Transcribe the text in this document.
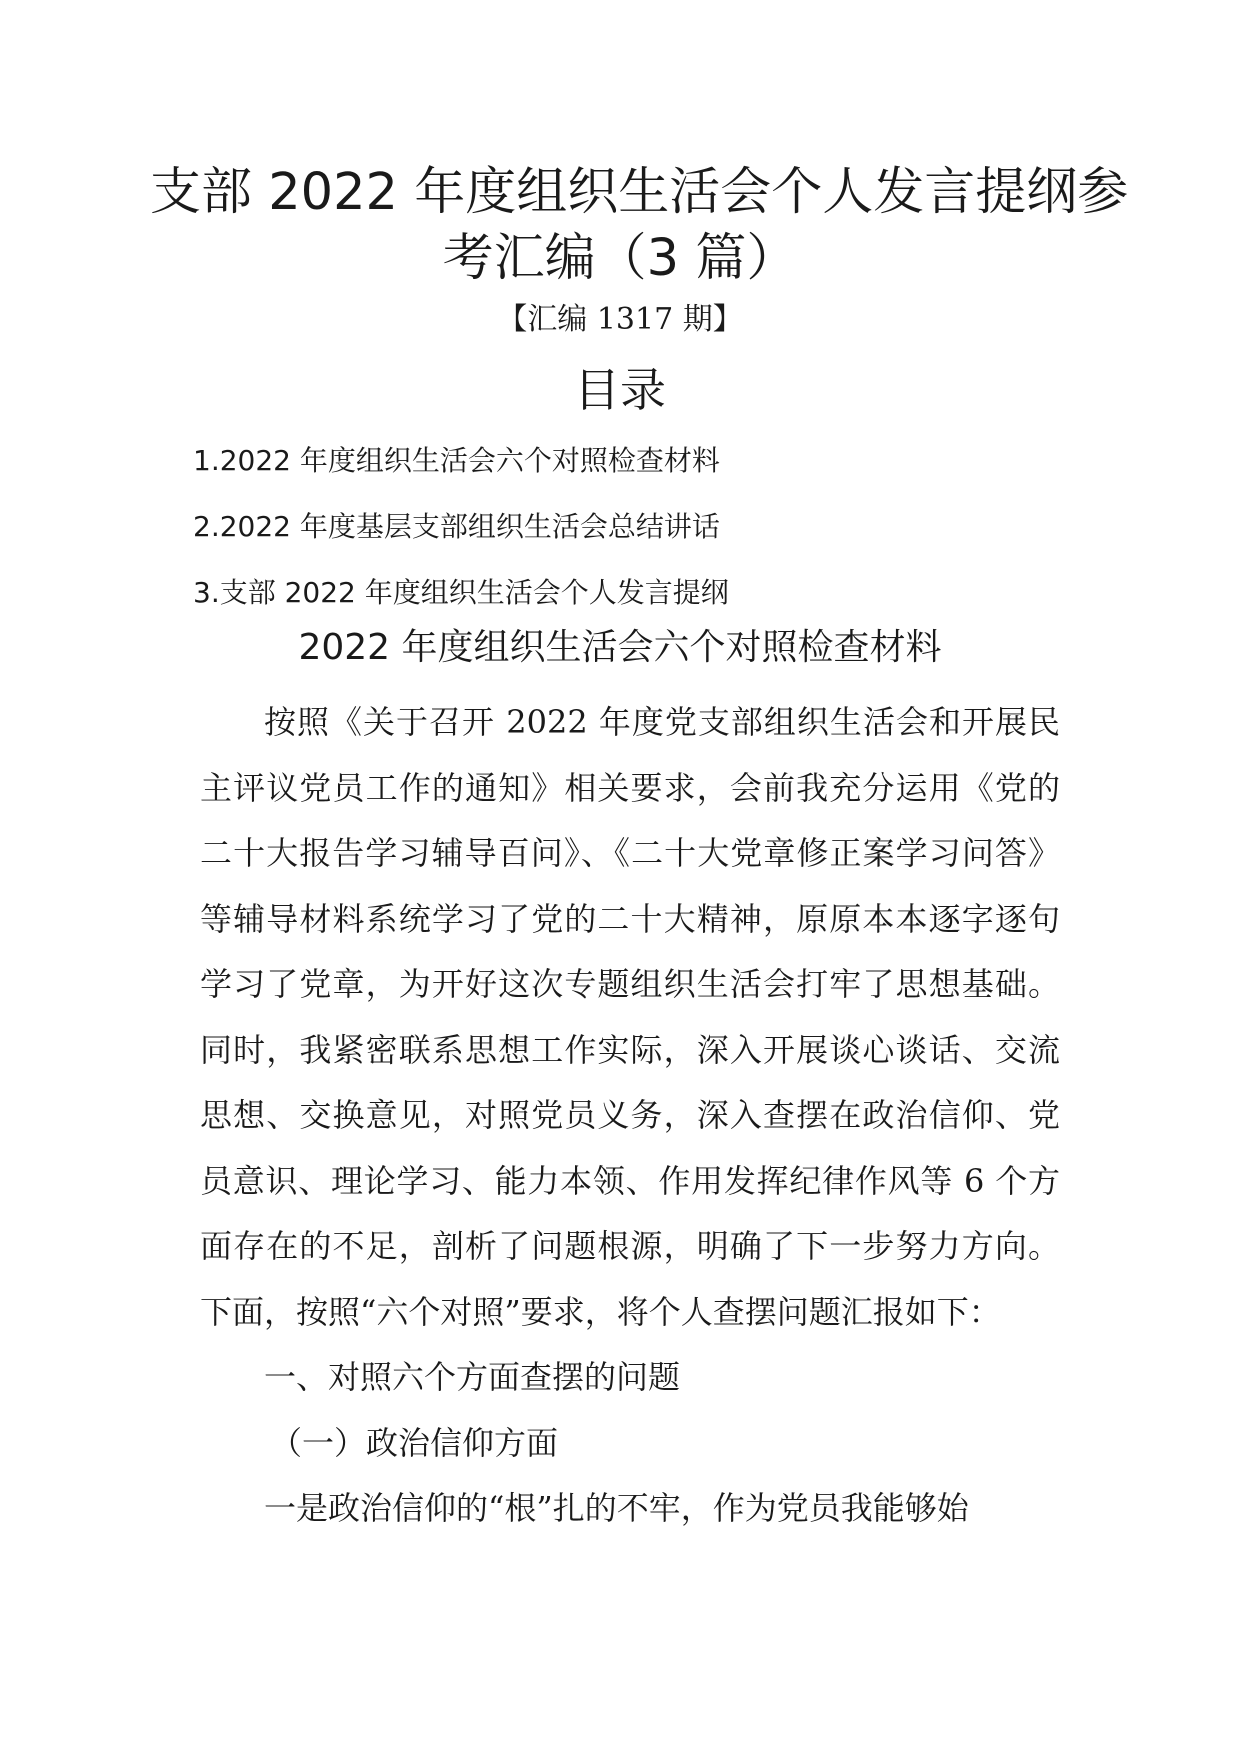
支部 2022 年度组织生活会个人发言提纲参
考汇编（3 篇）
【汇编 1317 期】
目录
1.2022 年度组织生活会六个对照检查材料
2.2022 年度基层支部组织生活会总结讲话
3.支部 2022 年度组织生活会个人发言提纲
2022 年度组织生活会六个对照检查材料

按照《关于召开 2022 年度党支部组织生活会和开展民主评议党员工作的通知》相关要求，会前我充分运用《党的二十大报告学习辅导百问》、《二十大党章修正案学习问答》等辅导材料系统学习了党的二十大精神，原原本本逐字逐句学习了党章，为开好这次专题组织生活会打牢了思想基础。同时，我紧密联系思想工作实际，深入开展谈心谈话、交流思想、交换意见，对照党员义务，深入查摆在政治信仰、党员意识、理论学习、能力本领、作用发挥纪律作风等 6 个方面存在的不足，剖析了问题根源，明确了下一步努力方向。下面，按照“六个对照”要求，将个人查摆问题汇报如下：

一、对照六个方面查摆的问题

（一）政治信仰方面

一是政治信仰的“根”扎的不牢，作为党员我能够始
